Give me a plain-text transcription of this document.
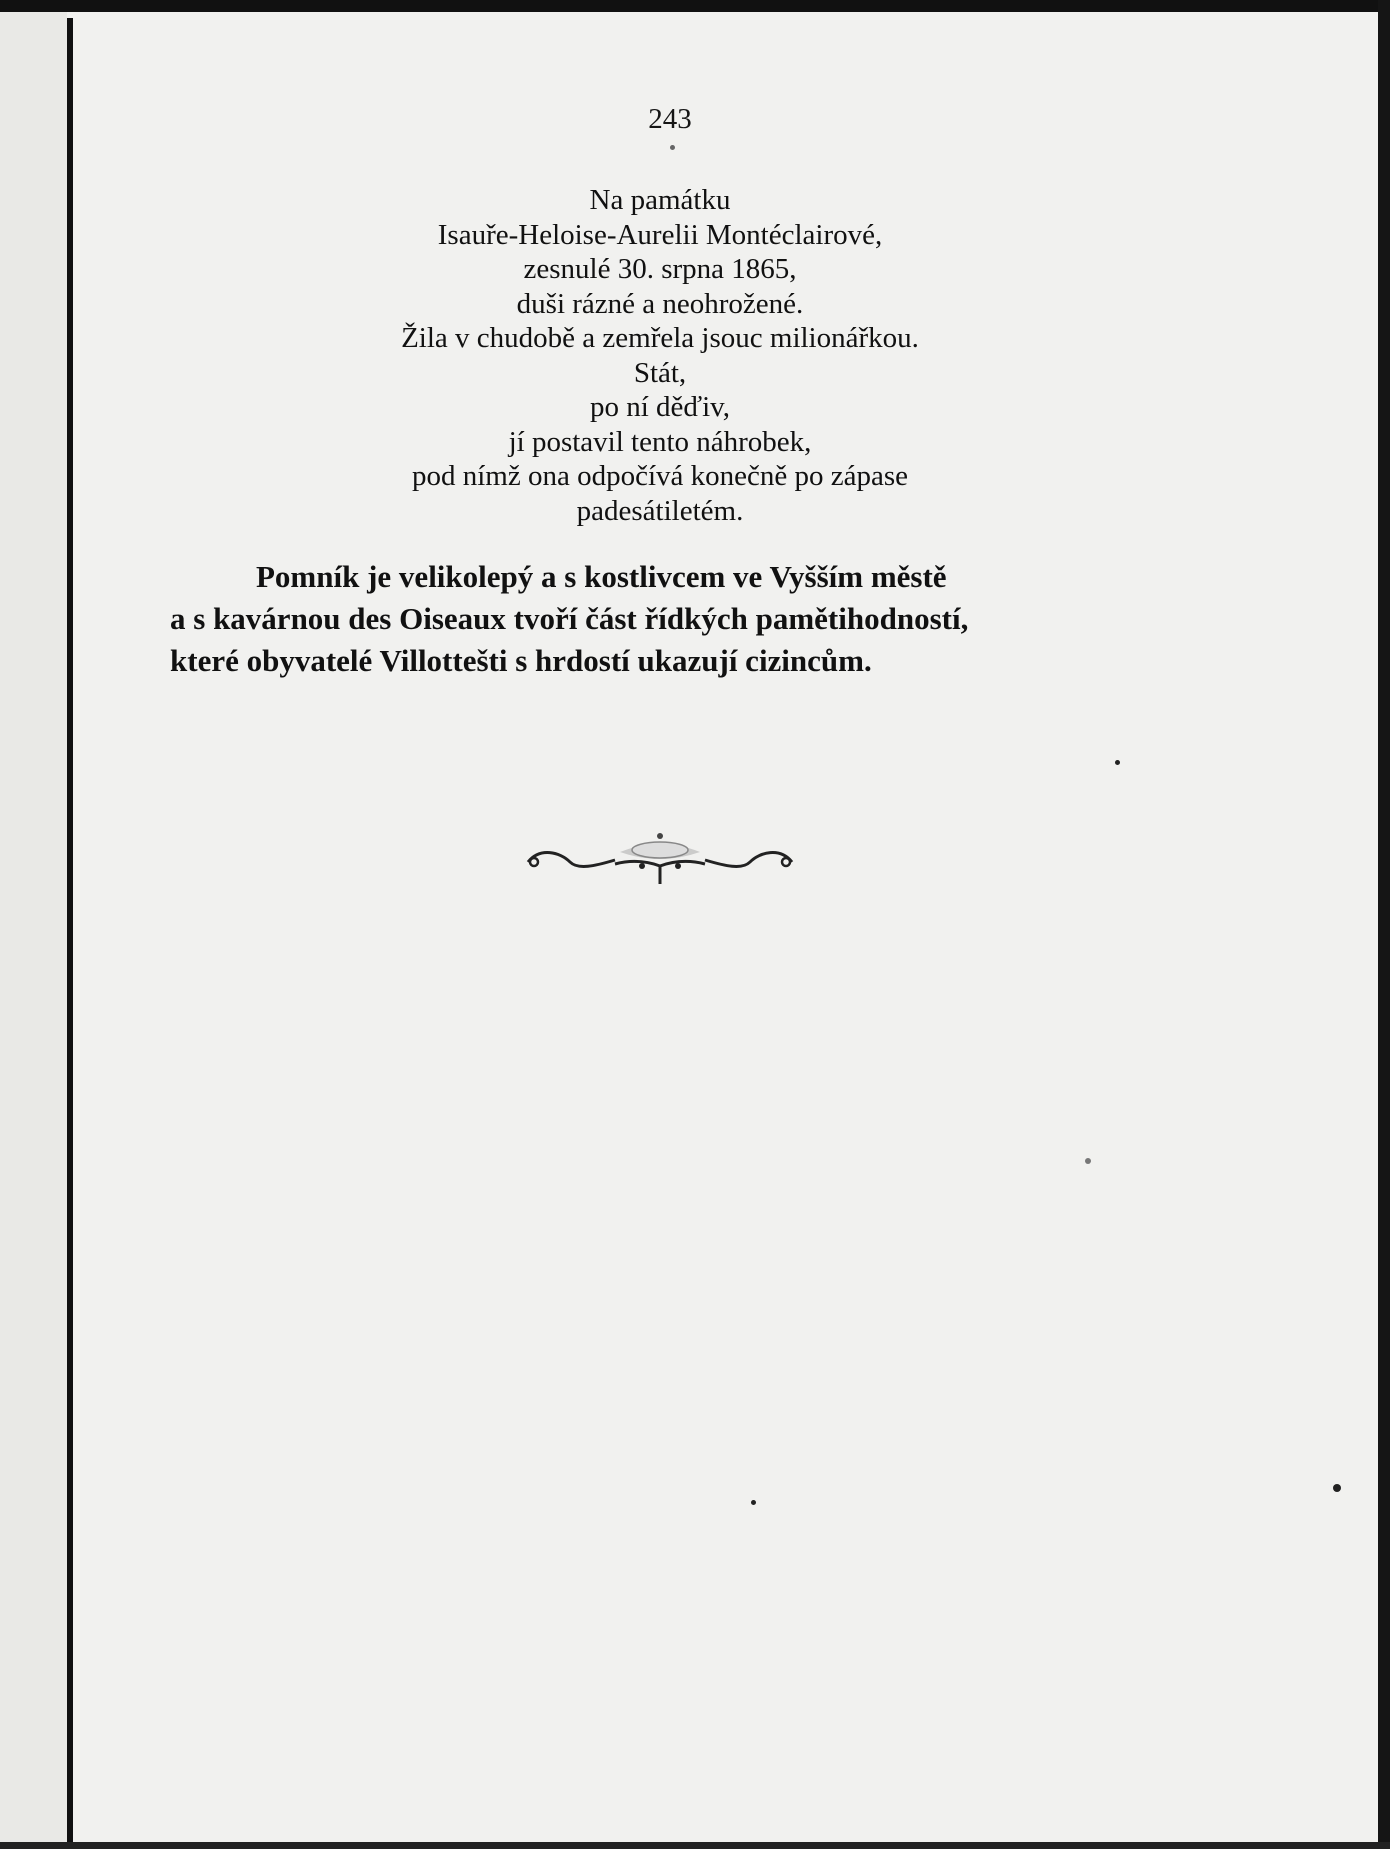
243
Na památku
Isauře-Heloise-Aurelii Montéclairové,
zesnulé 30. srpna 1865,
duši rázné a neohrožené.
Žila v chudobě a zemřela jsouc milionářkou.
Stát,
po ní děďiv,
jí postavil tento náhrobek,
pod nímž ona odpočívá konečně po zápase
padesátiletém.
Pomník je velikolepý a s kostlivcem ve Vyšším městě
a s kavárnou des Oiseaux tvoří část řídkých pamětihodností,
které obyvatelé Villottešti s hrdostí ukazují cizincům.
